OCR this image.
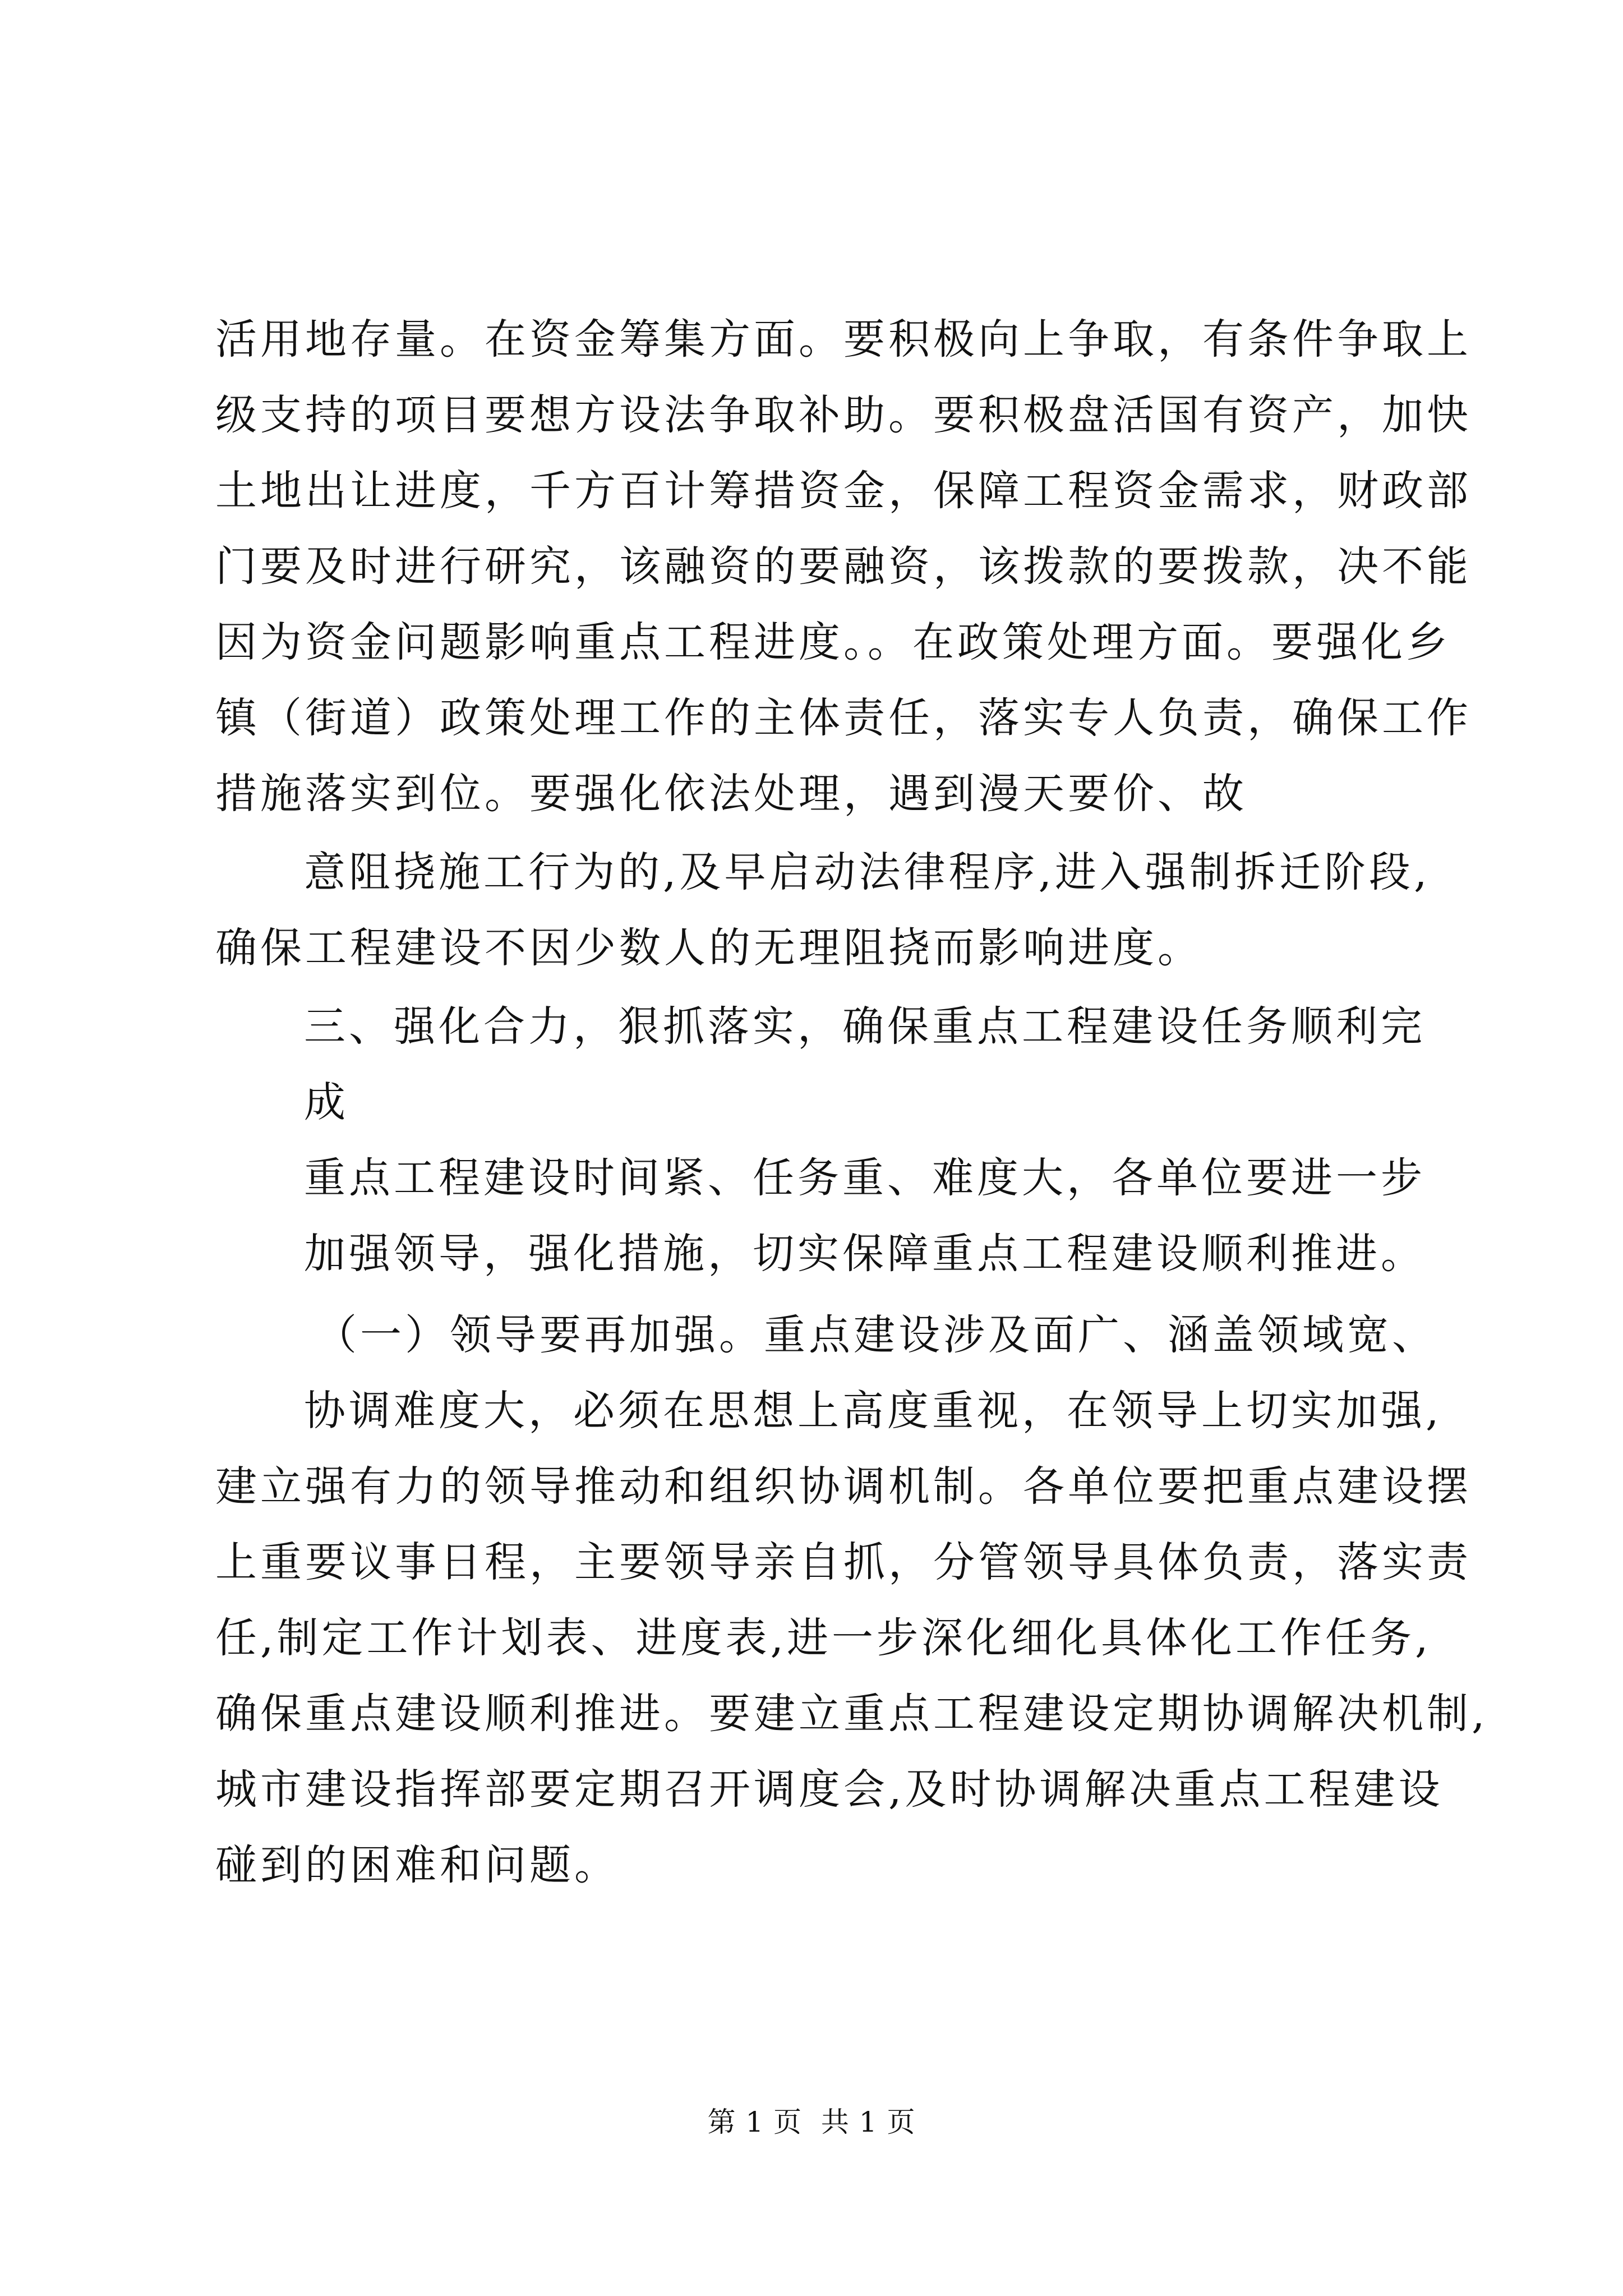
活用地存量。在资金筹集方面。要积极向上争取，有条件争取上
级支持的项目要想方设法争取补助。要积极盘活国有资产，加快
土地出让进度，千方百计筹措资金，保障工程资金需求，财政部
门要及时进行研究，该融资的要融资，该拨款的要拨款，决不能
因为资金问题影响重点工程进度。。在政策处理方面。要强化乡
镇（街道）政策处理工作的主体责任，落实专人负责，确保工作
措施落实到位。要强化依法处理，遇到漫天要价、故
意阻挠施工行为的,及早启动法律程序,进入强制拆迁阶段,
确保工程建设不因少数人的无理阻挠而影响进度。
三、强化合力，狠抓落实，确保重点工程建设任务顺利完
成
重点工程建设时间紧、任务重、难度大，各单位要进一步
加强领导，强化措施，切实保障重点工程建设顺利推进。
（一）领导要再加强。重点建设涉及面广、涵盖领域宽、
协调难度大，必须在思想上高度重视，在领导上切实加强,
建立强有力的领导推动和组织协调机制。各单位要把重点建设摆
上重要议事日程，主要领导亲自抓，分管领导具体负责，落实责
任,制定工作计划表、进度表,进一步深化细化具体化工作任务,
确保重点建设顺利推进。要建立重点工程建设定期协调解决机制,
城市建设指挥部要定期召开调度会,及时协调解决重点工程建设
碰到的困难和问题。
第 1 页  共 1 页
